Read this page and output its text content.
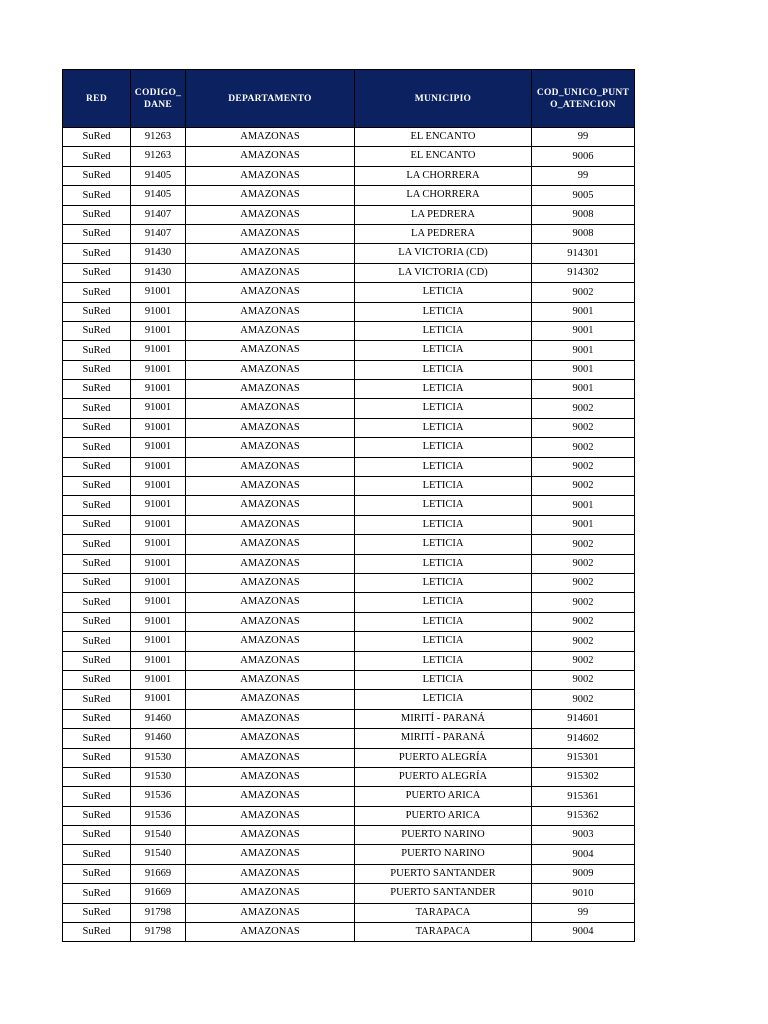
RED	CODIGO_ DANE	DEPARTAMENTO	MUNICIPIO	COD_UNICO_PUNT O_ATENCION
SuRed	91263	AMAZONAS	EL ENCANTO	99
SuRed	91263	AMAZONAS	EL ENCANTO	9006
SuRed	91405	AMAZONAS	LA CHORRERA	99
SuRed	91405	AMAZONAS	LA CHORRERA	9005
SuRed	91407	AMAZONAS	LA PEDRERA	9008
SuRed	91407	AMAZONAS	LA PEDRERA	9008
SuRed	91430	AMAZONAS	LA VICTORIA (CD)	914301
SuRed	91430	AMAZONAS	LA VICTORIA (CD)	914302
SuRed	91001	AMAZONAS	LETICIA	9002
SuRed	91001	AMAZONAS	LETICIA	9001
SuRed	91001	AMAZONAS	LETICIA	9001
SuRed	91001	AMAZONAS	LETICIA	9001
SuRed	91001	AMAZONAS	LETICIA	9001
SuRed	91001	AMAZONAS	LETICIA	9001
SuRed	91001	AMAZONAS	LETICIA	9002
SuRed	91001	AMAZONAS	LETICIA	9002
SuRed	91001	AMAZONAS	LETICIA	9002
SuRed	91001	AMAZONAS	LETICIA	9002
SuRed	91001	AMAZONAS	LETICIA	9002
SuRed	91001	AMAZONAS	LETICIA	9001
SuRed	91001	AMAZONAS	LETICIA	9001
SuRed	91001	AMAZONAS	LETICIA	9002
SuRed	91001	AMAZONAS	LETICIA	9002
SuRed	91001	AMAZONAS	LETICIA	9002
SuRed	91001	AMAZONAS	LETICIA	9002
SuRed	91001	AMAZONAS	LETICIA	9002
SuRed	91001	AMAZONAS	LETICIA	9002
SuRed	91001	AMAZONAS	LETICIA	9002
SuRed	91001	AMAZONAS	LETICIA	9002
SuRed	91001	AMAZONAS	LETICIA	9002
SuRed	91460	AMAZONAS	MIRITÍ - PARANÁ	914601
SuRed	91460	AMAZONAS	MIRITÍ - PARANÁ	914602
SuRed	91530	AMAZONAS	PUERTO ALEGRÍA	915301
SuRed	91530	AMAZONAS	PUERTO ALEGRÍA	915302
SuRed	91536	AMAZONAS	PUERTO ARICA	915361
SuRed	91536	AMAZONAS	PUERTO ARICA	915362
SuRed	91540	AMAZONAS	PUERTO NARINO	9003
SuRed	91540	AMAZONAS	PUERTO NARINO	9004
SuRed	91669	AMAZONAS	PUERTO SANTANDER	9009
SuRed	91669	AMAZONAS	PUERTO SANTANDER	9010
SuRed	91798	AMAZONAS	TARAPACA	99
SuRed	91798	AMAZONAS	TARAPACA	9004
